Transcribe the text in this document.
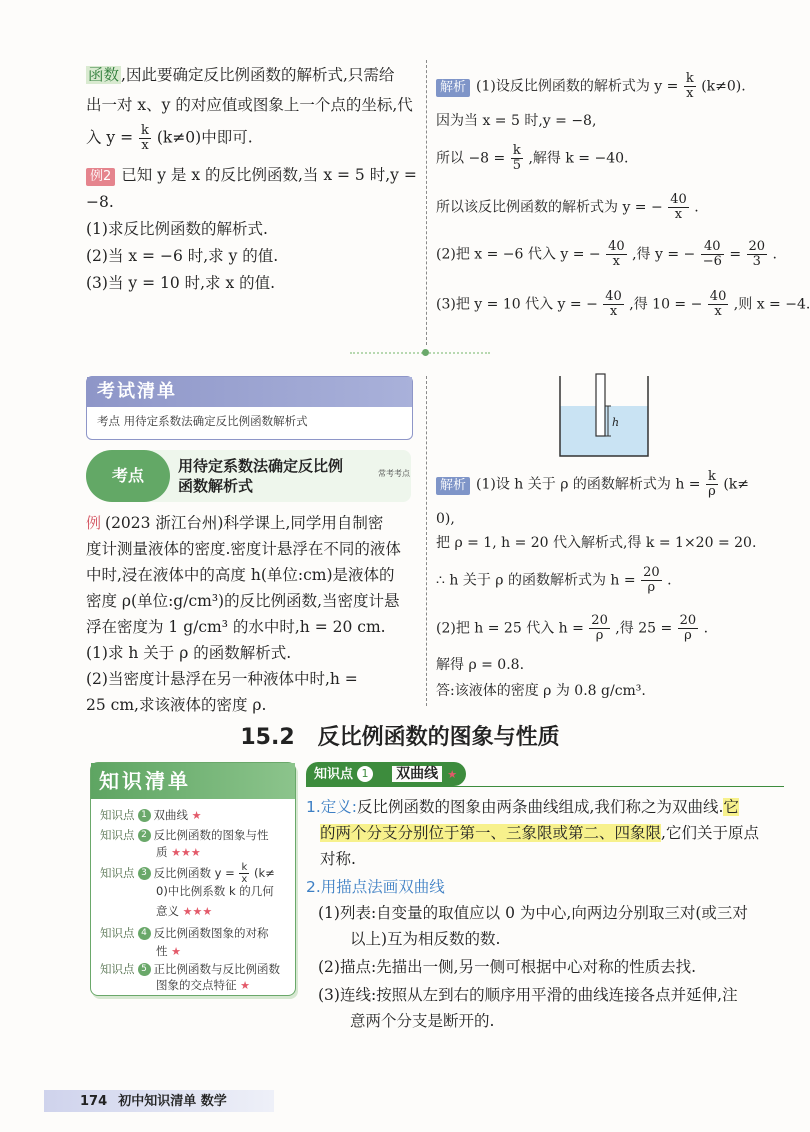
函数 ,因此要确定反比例函数的解析式,只需给
出一对 x、y 的对应值或图象上一个点的坐标,代
入 $y = \frac{k}{x} (k\ne 0)$中即可.
例2 已知 y 是 x 的反比例函数,当 x = 5 时,y =
−8.
(1)求反比例函数的解析式.
(2)当 x = −6 时,求 y 的值.
(3)当 y = 10 时,求 x 的值.
解析 (1)设反比例函数的解析式为 $y = \frac{k}{x} (k\ne 0)$.
因为当 x = 5 时,y = −8,
所以 $-8 = \frac{k}{5}$ ,解得 k = −40.
所以该反比例函数的解析式为 y = − $\frac{40}{x}$ .
(2)把 x = −6 代入 y = − $\frac{40}{x}$ ,得 y = − $\frac{40}{-6} = \frac{20}{3}$ .
(3)把 y = 10 代入 y = − $\frac{40}{x}$ ,得 10 = − $\frac{40}{x}$ ,则 x = −4.
考试清单
考点 用待定系数法确定反比例函数解析式
考点	用待定系数法确定反比例
函数解析式
常考考点
例 (2023 浙江台州)科学课上,同学用自制密
度计测量液体的密度.密度计悬浮在不同的液体
中时,浸在液体中的高度 h(单位:cm)是液体的
密度 ρ(单位:g/cm³)的反比例函数,当密度计悬
浮在密度为 1 g/cm³ 的水中时,h = 20 cm.
(1)求 h 关于 ρ 的函数解析式.
(2)当密度计悬浮在另一种液体中时,h =
25 cm,求该液体的密度 ρ.
h
解析 (1)设 h 关于 ρ 的函数解析式为 $h = \frac{k}{\rho} (k\ne$
0),
把 ρ = 1, h = 20 代入解析式,得 k = 1×20 = 20.
∴ h 关于 ρ 的函数解析式为 $h = \frac{20}{\rho}$ .
(2)把 h = 25 代入 $h = \frac{20}{\rho}$ ,得 $25 = \frac{20}{\rho}$ .
解得 ρ = 0.8.
答:该液体的密度 ρ 为 0.8 g/cm³.
15.2   反比例函数的图象与性质
知识清单
知识点 1 双曲线 ★
知识点 2 反比例函数的图象与性
质 ★★★
知识点 3 反比例函数 $y = \frac{k}{x} (k\ne$
0)中比例系数 k 的几何
意义 ★★★
知识点 4 反比例函数图象的对称
性 ★
知识点 5 正比例函数与反比例函数
图象的交点特征 ★
知识点 1 双曲线 ★
1.定义:反比例函数的图象由两条曲线组成,我们称之为双曲线.它
的两个分支分别位于第一、三象限或第二、四象限,它们关于原点
对称.
2.用描点法画双曲线
(1)列表:自变量的取值应以 0 为中心,向两边分别取三对(或三对
以上)互为相反数的数.
(2)描点:先描出一侧,另一侧可根据中心对称的性质去找.
(3)连线:按照从左到右的顺序用平滑的曲线连接各点并延伸,注
意两个分支是断开的.
174 初中知识清单 数学
